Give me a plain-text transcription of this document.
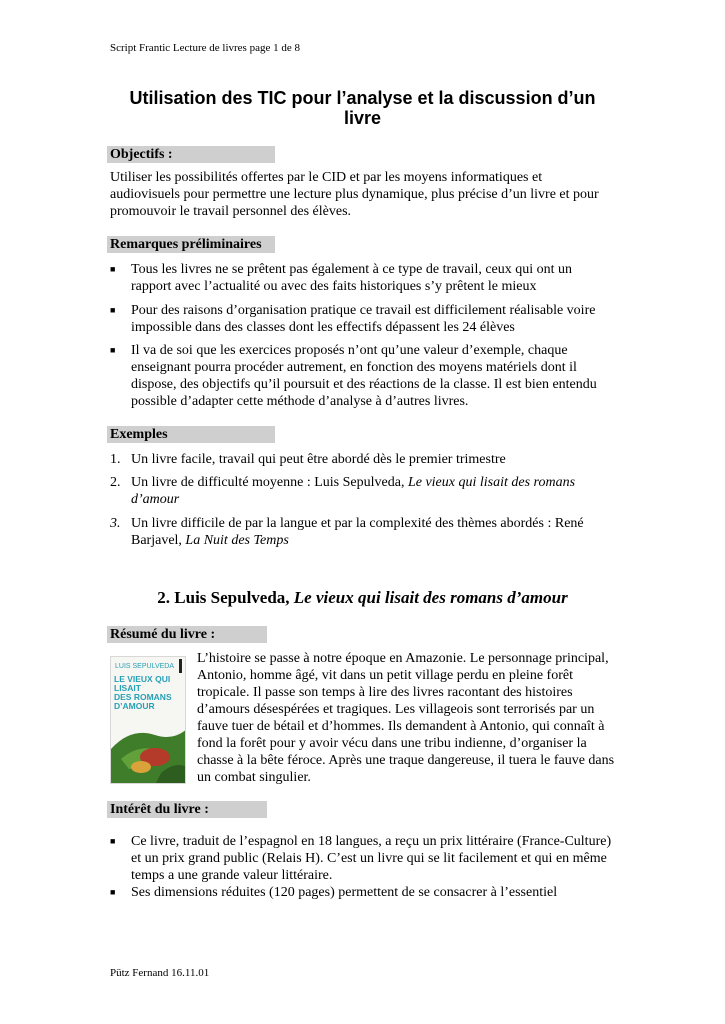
Script Frantic Lecture de livres page 1 de 8
Utilisation des TIC pour l’analyse et la discussion d’un livre
Objectifs :
Utiliser les possibilités offertes par le CID et par les moyens informatiques et audiovisuels pour permettre une lecture plus dynamique, plus précise d’un livre et pour promouvoir le travail personnel des élèves.
Remarques préliminaires
■	Tous les livres ne se prêtent pas également à ce type de travail, ceux qui ont un rapport avec l’actualité ou avec des faits historiques s’y prêtent le mieux
■	Pour des raisons d’organisation pratique ce travail est difficilement réalisable voire impossible dans des classes dont les effectifs dépassent les 24 élèves
■	Il va de soi que les exercices proposés n’ont qu’une valeur d’exemple, chaque enseignant pourra procéder autrement, en fonction des moyens matériels dont il dispose, des objectifs qu’il poursuit et des réactions de la classe. Il est bien entendu possible d’adapter cette méthode d’analyse à d’autres livres.
Exemples
1. Un livre facile, travail qui peut être abordé dès le premier trimestre
2. Un livre de difficulté moyenne : Luis Sepulveda, Le vieux qui lisait des romans d’amour
3. Un livre difficile de par la langue et par la complexité des thèmes abordés : René Barjavel, La Nuit des Temps
2. Luis Sepulveda, Le vieux qui lisait des romans d’amour
Résumé du livre :
LUIS SEPULVEDA
LE VIEUX QUI
LISAIT
DES ROMANS
D’AMOUR
L’histoire se passe à notre époque en Amazonie. Le personnage principal, Antonio, homme âgé, vit dans un petit village perdu en pleine forêt tropicale. Il passe son temps à lire des livres racontant des histoires d’amours désespérées et tragiques. Les villageois sont terrorisés par un fauve tuer de bétail et d’hommes. Ils demandent à Antonio, qui connaît à fond la forêt pour y avoir vécu dans une tribu indienne, d’organiser la chasse à la bête féroce. Après une traque dangereuse, il tuera le fauve dans un combat singulier.
Intérêt du livre :
■	Ce livre, traduit de l’espagnol en 18 langues, a reçu un prix littéraire (France-Culture) et un prix grand public (Relais H). C’est un livre qui se lit facilement et qui en même temps a une grande valeur littéraire.
■	Ses dimensions réduites (120 pages) permettent de se consacrer à l’essentiel
Pütz Fernand 16.11.01
